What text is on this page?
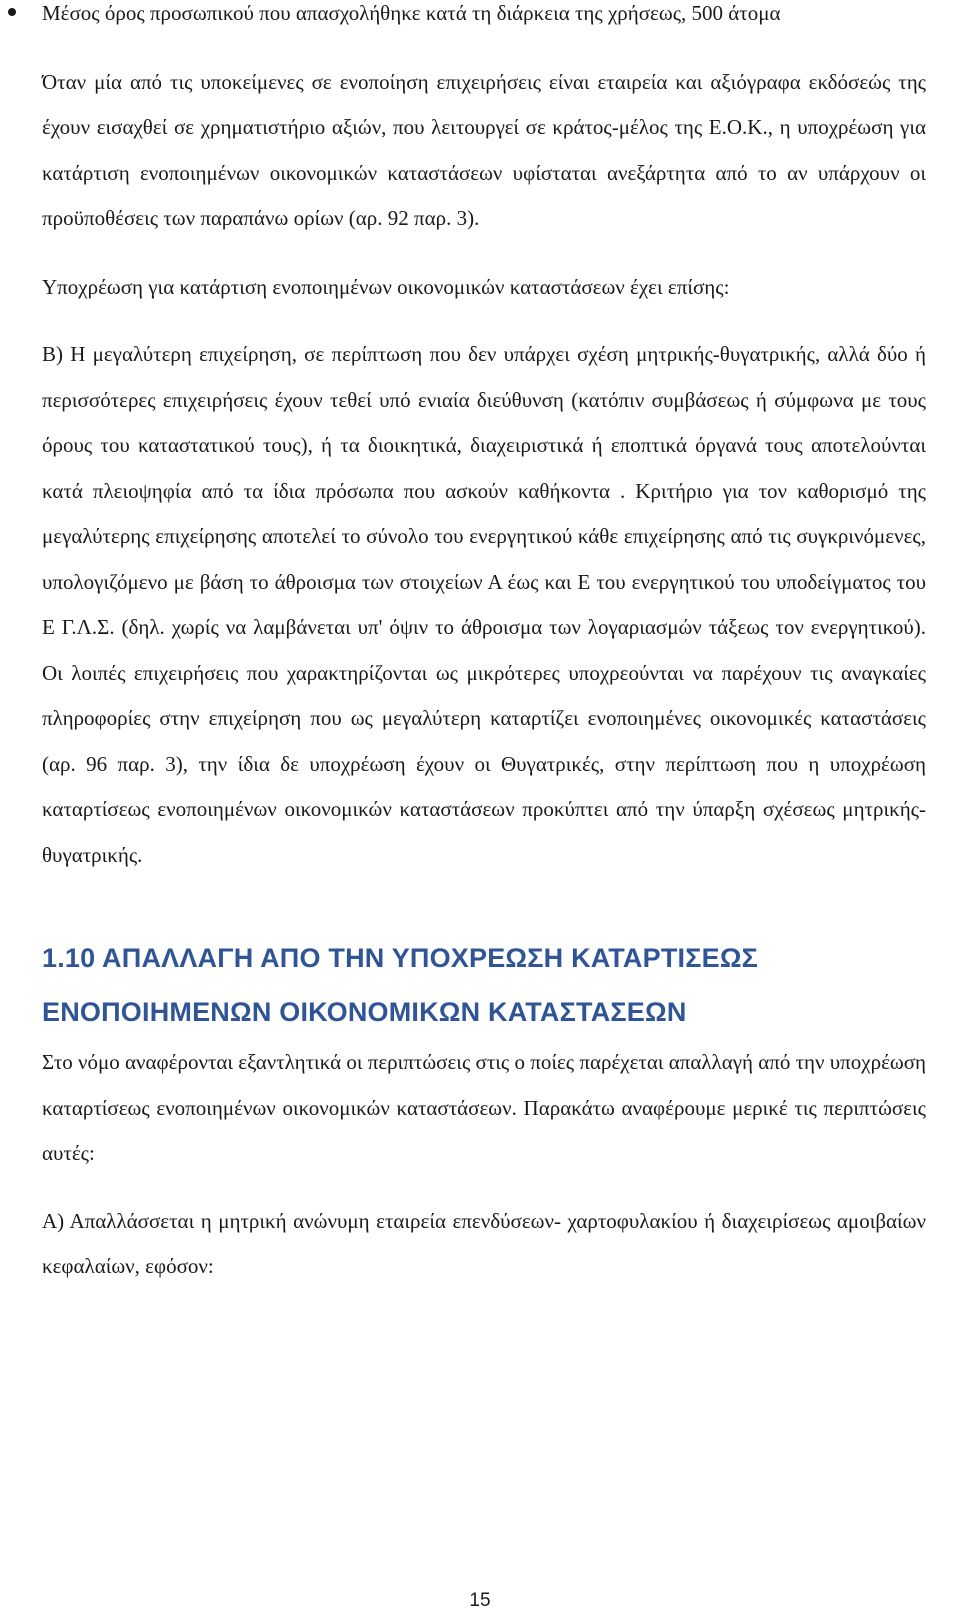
Μέσος όρος προσωπικού που απασχολήθηκε κατά τη διάρκεια της χρήσεως, 500 άτομα

Όταν μία από τις υποκείμενες σε ενοποίηση επιχειρήσεις είναι εταιρεία και αξιόγραφα εκδόσεώς της έχουν εισαχθεί σε χρηματιστήριο αξιών, που λειτουργεί σε κράτος-μέλος της Ε.Ο.Κ., η υποχρέωση για κατάρτιση ενοποιημένων οικονομικών καταστάσεων υφίσταται ανεξάρτητα από το αν υπάρχουν οι προϋποθέσεις των παραπάνω ορίων (αρ. 92 παρ. 3).

Υποχρέωση για κατάρτιση ενοποιημένων οικονομικών καταστάσεων έχει επίσης:

Β) Η μεγαλύτερη επιχείρηση, σε περίπτωση που δεν υπάρχει σχέση μητρικής-θυγατρικής, αλλά δύο ή περισσότερες επιχειρήσεις έχουν τεθεί υπό ενιαία διεύθυνση (κατόπιν συμβάσεως ή σύμφωνα με τους όρους του καταστατικού τους), ή τα διοικητικά, διαχειριστικά ή εποπτικά όργανά τους αποτελούνται κατά πλειοψηφία από τα ίδια πρόσωπα που ασκούν καθήκοντα . Κριτήριο για τον καθορισμό της μεγαλύτερης επιχείρησης αποτελεί το σύνολο του ενεργητικού κάθε επιχείρησης από τις συγκρινόμενες, υπολογιζόμενο με βάση το άθροισμα των στοιχείων Α έως και Ε του ενεργητικού του υποδείγματος του Ε Γ.Λ.Σ. (δηλ. χωρίς να λαμβάνεται υπ' όψιν το άθροισμα των λογαριασμών τάξεως τον ενεργητικού). Οι λοιπές επιχειρήσεις που χαρακτηρίζονται ως μικρότερες υποχρεούνται να παρέχουν τις αναγκαίες πληροφορίες στην επιχείρηση που ως μεγαλύτερη καταρτίζει ενοποιημένες οικονομικές καταστάσεις (αρ. 96 παρ. 3), την ίδια δε υποχρέωση έχουν οι Θυγατρικές, στην περίπτωση που η υποχρέωση καταρτίσεως ενοποιημένων οικονομικών καταστάσεων προκύπτει από την ύπαρξη σχέσεως μητρικής-θυγατρικής.

1.10 ΑΠΑΛΛΑΓΗ ΑΠΟ ΤΗΝ ΥΠΟΧΡΕΩΣΗ ΚΑΤΑΡΤΙΣΕΩΣ ΕΝΟΠΟΙΗΜΕΝΩΝ ΟΙΚΟΝΟΜΙΚΩΝ ΚΑΤΑΣΤΑΣΕΩΝ

Στο νόμο αναφέρονται εξαντλητικά οι περιπτώσεις στις ο ποίες παρέχεται απαλλαγή από την υποχρέωση καταρτίσεως ενοποιημένων οικονομικών καταστάσεων. Παρακάτω αναφέρουμε μερικέ τις περιπτώσεις αυτές:

Α) Απαλλάσσεται η μητρική ανώνυμη εταιρεία επενδύσεων- χαρτοφυλακίου ή διαχειρίσεως αμοιβαίων κεφαλαίων, εφόσον:

15
